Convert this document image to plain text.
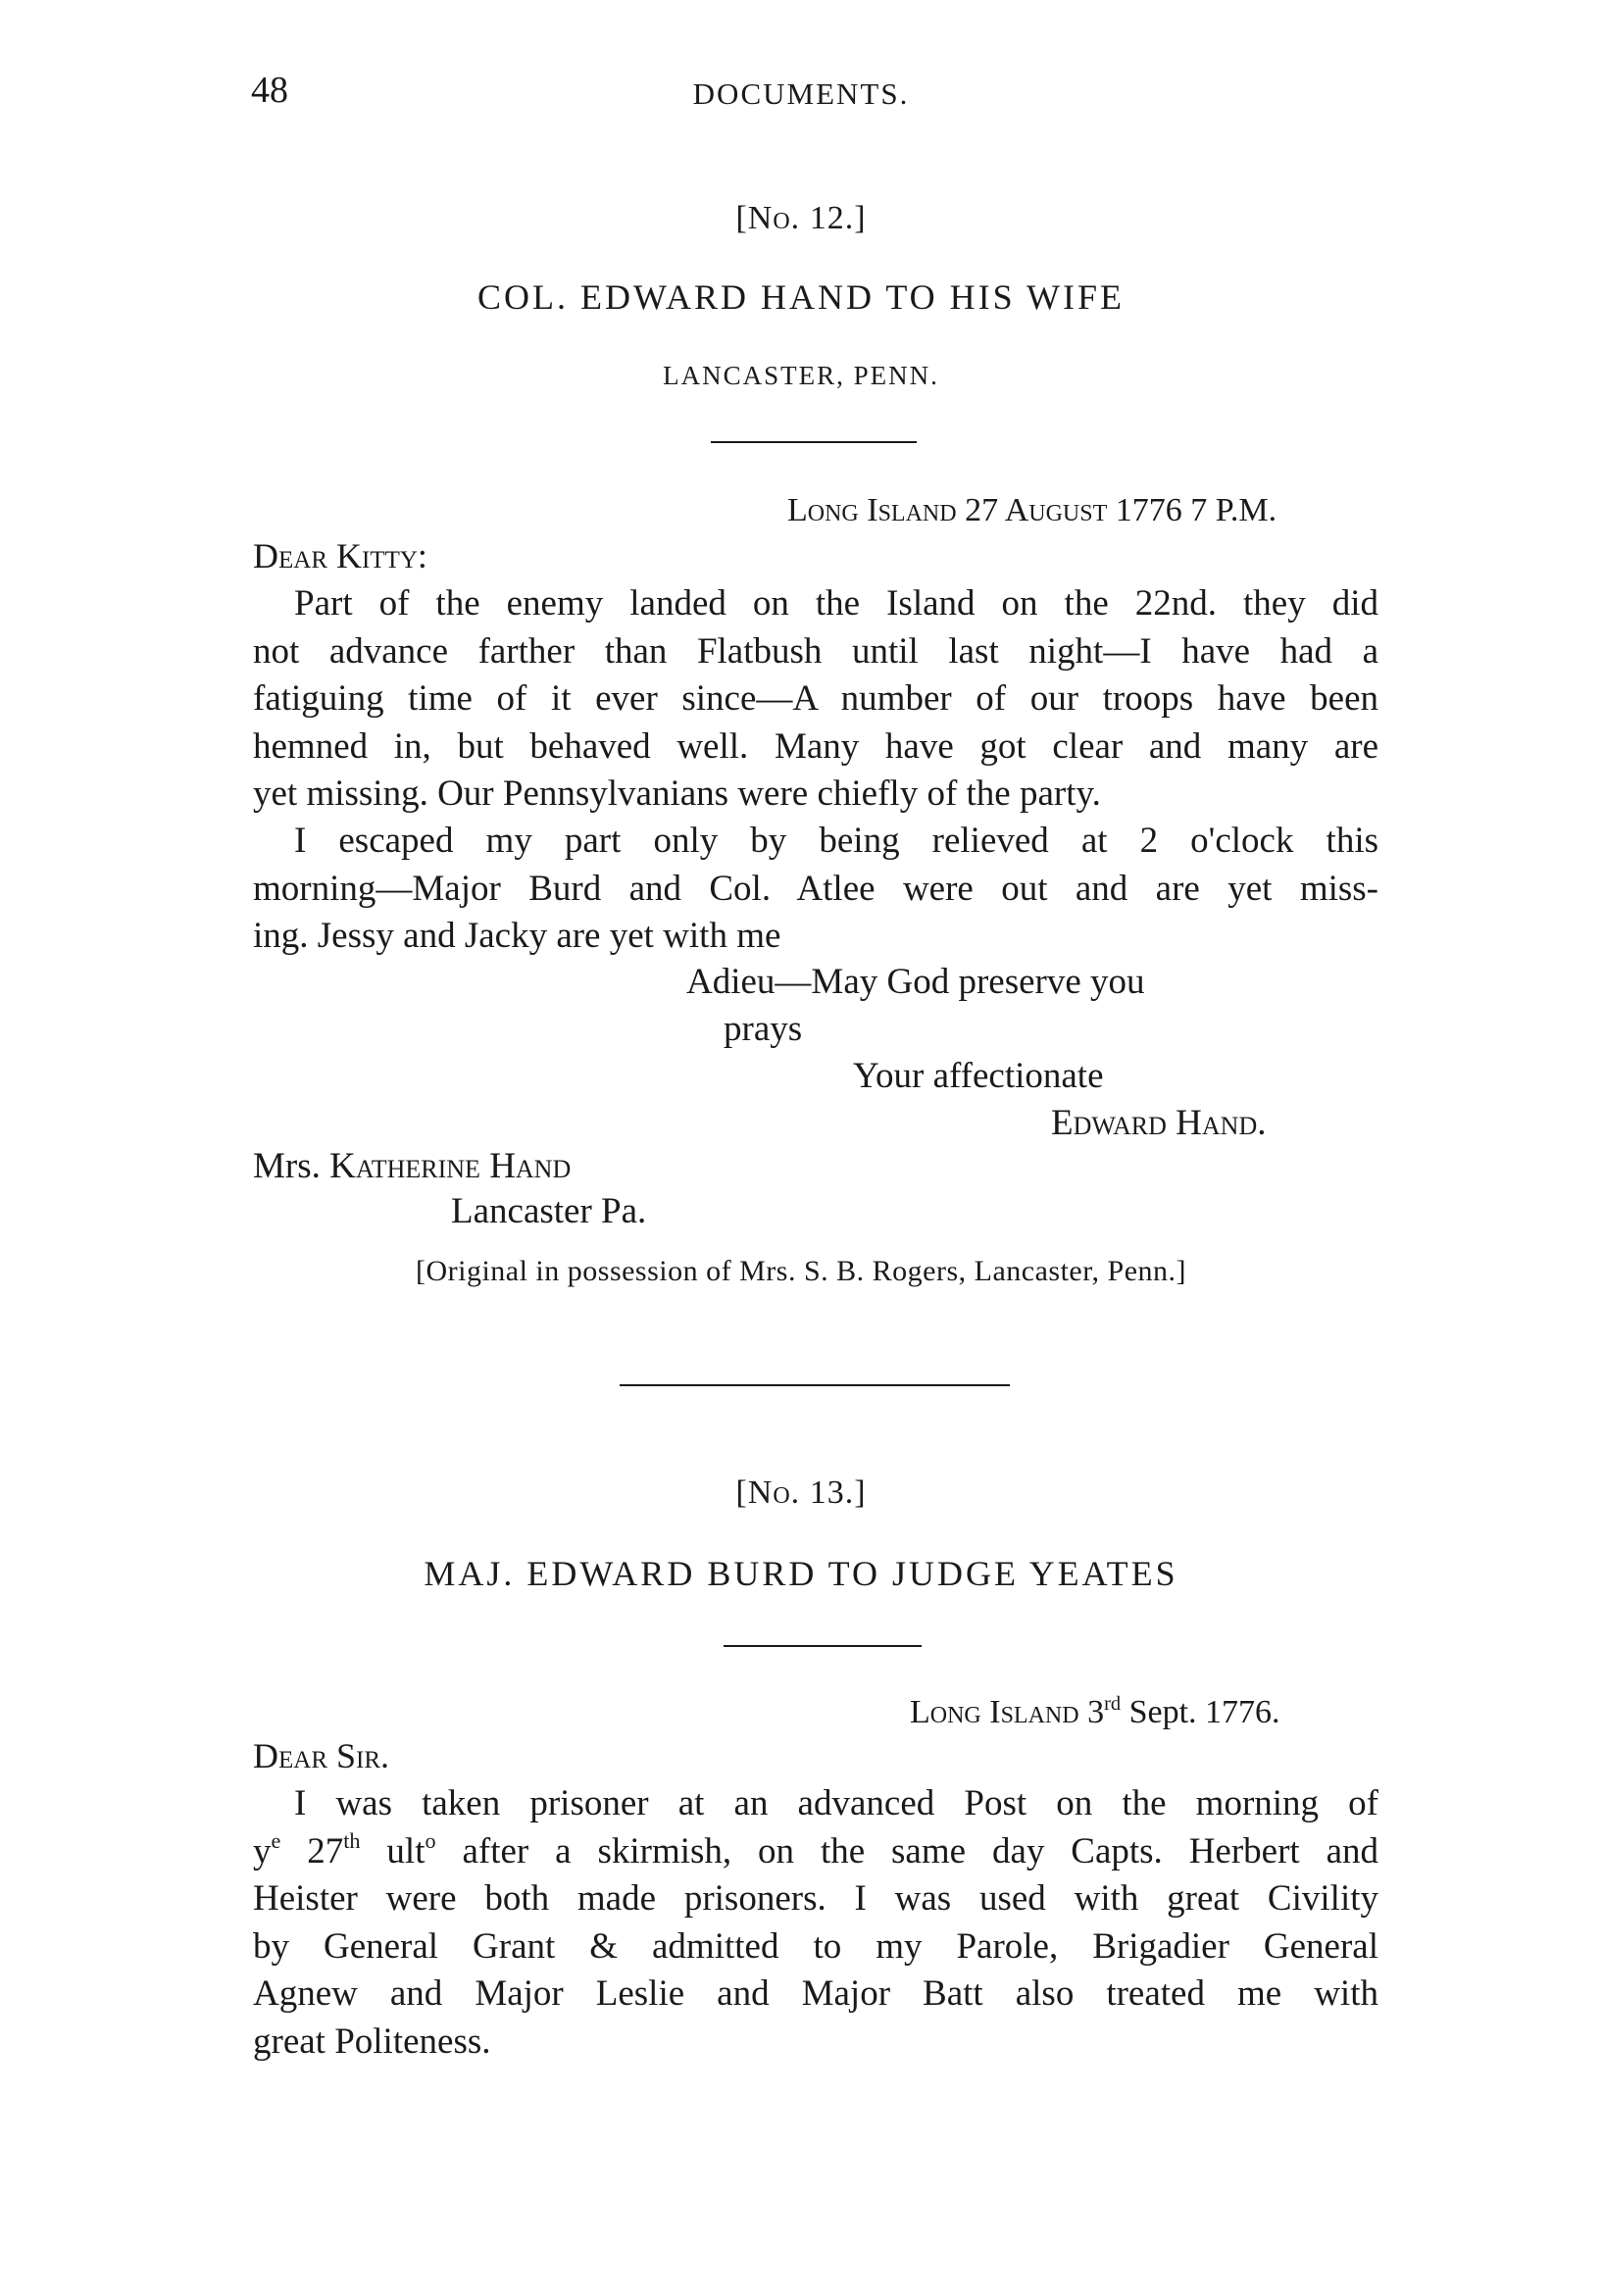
48	DOCUMENTS.
[No. 12.]
COL. EDWARD HAND TO HIS WIFE
LANCASTER, PENN.
Long Island 27 August 1776 7 P.M.
Dear Kitty:
Part of the enemy landed on the Island on the 22nd. they did
not advance farther than Flatbush until last night—I have had a
fatiguing time of it ever since—A number of our troops have been
hemned in, but behaved well. Many have got clear and many are
yet missing. Our Pennsylvanians were chiefly of the party.
I escaped my part only by being relieved at 2 o'clock this
morning—Major Burd and Col. Atlee were out and are yet miss-
ing. Jessy and Jacky are yet with me
Adieu—May God preserve you
prays
Your affectionate
Edward Hand.
Mrs. Katherine Hand
Lancaster Pa.
[Original in possession of Mrs. S. B. Rogers, Lancaster, Penn.]
[No. 13.]
MAJ. EDWARD BURD TO JUDGE YEATES
Long Island 3rd Sept. 1776.
Dear Sir.
I was taken prisoner at an advanced Post on the morning of
$y^e$ 27th ult$^o$ after a skirmish, on the same day Capts. Herbert and
Heister were both made prisoners. I was used with great Civility
by General Grant & admitted to my Parole, Brigadier General
Agnew and Major Leslie and Major Batt also treated me with
great Politeness.
